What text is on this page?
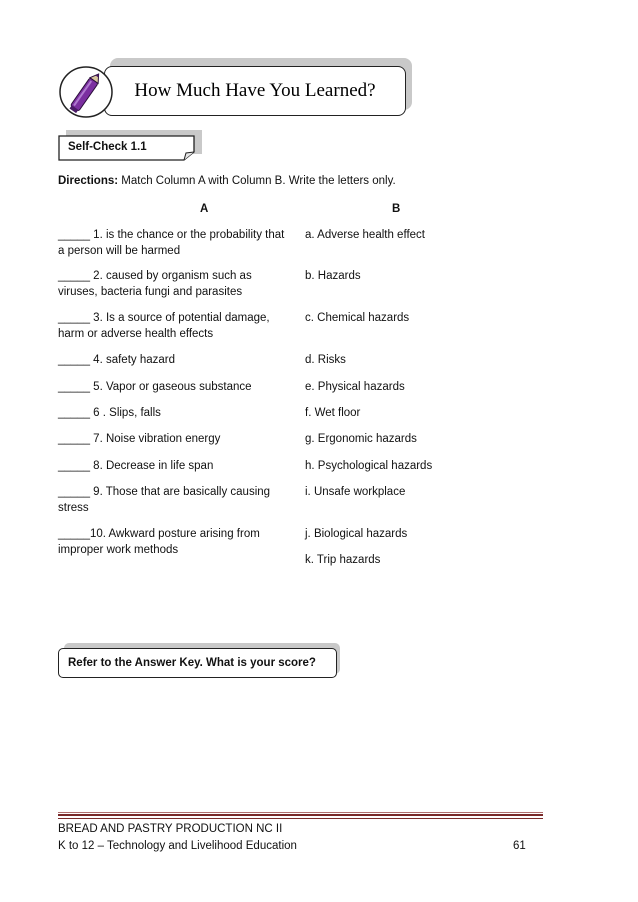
How Much Have You Learned?
Self-Check 1.1
Directions: Match Column A with Column B. Write the letters only.
A	B
_____ 1. is the chance or the probability that a person will be harmed
_____ 2. caused by organism such as viruses, bacteria fungi and parasites
_____ 3. Is a source of potential damage, harm or adverse health effects
_____ 4. safety hazard
_____ 5. Vapor or gaseous substance
_____ 6 . Slips, falls
_____ 7. Noise vibration energy
_____ 8. Decrease in life span
_____ 9. Those that are basically causing stress
_____10. Awkward posture arising from improper work methods
a. Adverse health effect
b. Hazards
c. Chemical hazards
d. Risks
e. Physical hazards
f. Wet floor
g. Ergonomic hazards
h. Psychological hazards
i. Unsafe workplace
j. Biological hazards
k. Trip hazards
Refer to the Answer Key. What is your score?
BREAD AND PASTRY PRODUCTION NC II
K to 12 – Technology and Livelihood Education	61
